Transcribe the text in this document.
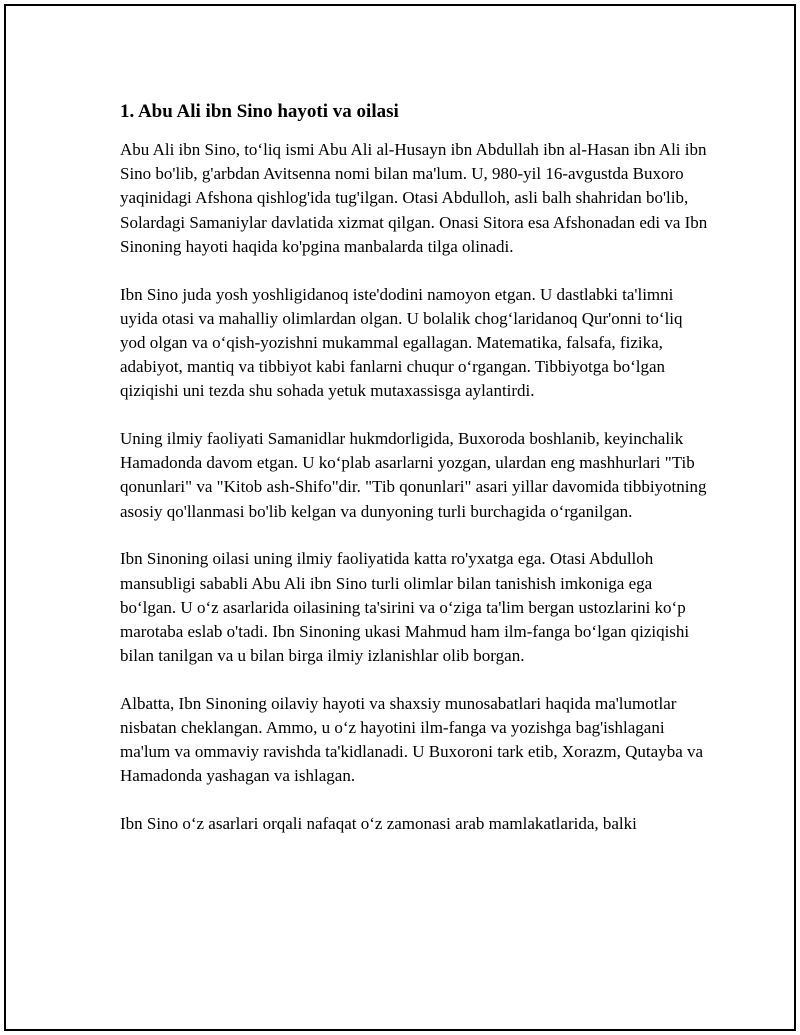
1. Abu Ali ibn Sino hayoti va oilasi

Abu Ali ibn Sino, to‘liq ismi Abu Ali al-Husayn ibn Abdullah ibn al-Hasan ibn Ali ibn Sino bo'lib, g'arbdan Avitsenna nomi bilan ma'lum. U, 980-yil 16-avgustda Buxoro yaqinidagi Afshona qishlog'ida tug'ilgan. Otasi Abdulloh, asli balh shahridan bo'lib, Solardagi Samaniylar davlatida xizmat qilgan. Onasi Sitora esa Afshonadan edi va Ibn Sinoning hayoti haqida ko'pgina manbalarda tilga olinadi.

Ibn Sino juda yosh yoshligidanoq iste'dodini namoyon etgan. U dastlabki ta'limni uyida otasi va mahalliy olimlardan olgan. U bolalik chog‘laridanoq Qur'onni to‘liq yod olgan va o‘qish-yozishni mukammal egallagan. Matematika, falsafa, fizika, adabiyot, mantiq va tibbiyot kabi fanlarni chuqur o‘rgangan. Tibbiyotga bo‘lgan qiziqishi uni tezda shu sohada yetuk mutaxassisga aylantirdi.

Uning ilmiy faoliyati Samanidlar hukmdorligida, Buxoroda boshlanib, keyinchalik Hamadonda davom etgan. U ko‘plab asarlarni yozgan, ulardan eng mashhurlari "Tib qonunlari" va "Kitob ash-Shifo"dir. "Tib qonunlari" asari yillar davomida tibbiyotning asosiy qo'llanmasi bo'lib kelgan va dunyoning turli burchagida o‘rganilgan.

Ibn Sinoning oilasi uning ilmiy faoliyatida katta ro'yxatga ega. Otasi Abdulloh mansubligi sababli Abu Ali ibn Sino turli olimlar bilan tanishish imkoniga ega bo‘lgan. U o‘z asarlarida oilasining ta'sirini va o‘ziga ta'lim bergan ustozlarini ko‘p marotaba eslab o'tadi. Ibn Sinoning ukasi Mahmud ham ilm-fanga bo‘lgan qiziqishi bilan tanilgan va u bilan birga ilmiy izlanishlar olib borgan.

Albatta, Ibn Sinoning oilaviy hayoti va shaxsiy munosabatlari haqida ma'lumotlar nisbatan cheklangan. Ammo, u o‘z hayotini ilm-fanga va yozishga bag'ishlagani ma'lum va ommaviy ravishda ta'kidlanadi. U Buxoroni tark etib, Xorazm, Qutayba va Hamadonda yashagan va ishlagan.

Ibn Sino o‘z asarlari orqali nafaqat o‘z zamonasi arab mamlakatlarida, balki
